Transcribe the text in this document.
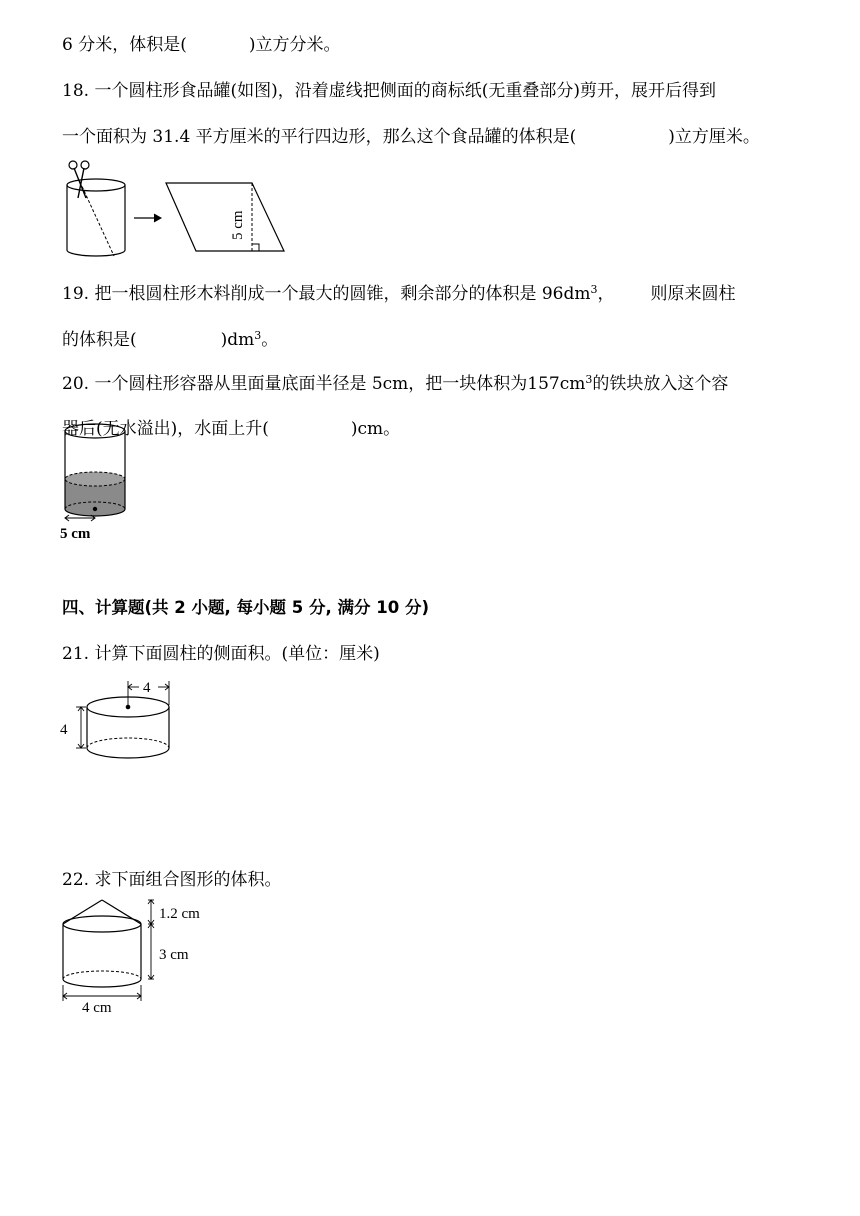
6 分米，体积是(	)立方分米。
18. 一个圆柱形食品罐(如图)，沿着虚线把侧面的商标纸(无重叠部分)剪开，展开后得到
一个面积为 31.4 平方厘米的平行四边形，那么这个食品罐的体积是(	)立方厘米。
5 cm
19. 把一根圆柱形木料削成一个最大的圆锥，剩余部分的体积是 $96dm^3$， 则原来圆柱
的体积是(	)$dm^3$。
20. 一个圆柱形容器从里面量底面半径是 5cm，把一块体积为$157cm^3$的铁块放入这个容
器后(无水溢出)，水面上升(	)cm。
5 cm
四、计算题(共 2 小题, 每小题 5 分, 满分 10 分)
21. 计算下面圆柱的侧面积。(单位：厘米)
4
4
22. 求下面组合图形的体积。
1.2 cm
3 cm
4 cm
